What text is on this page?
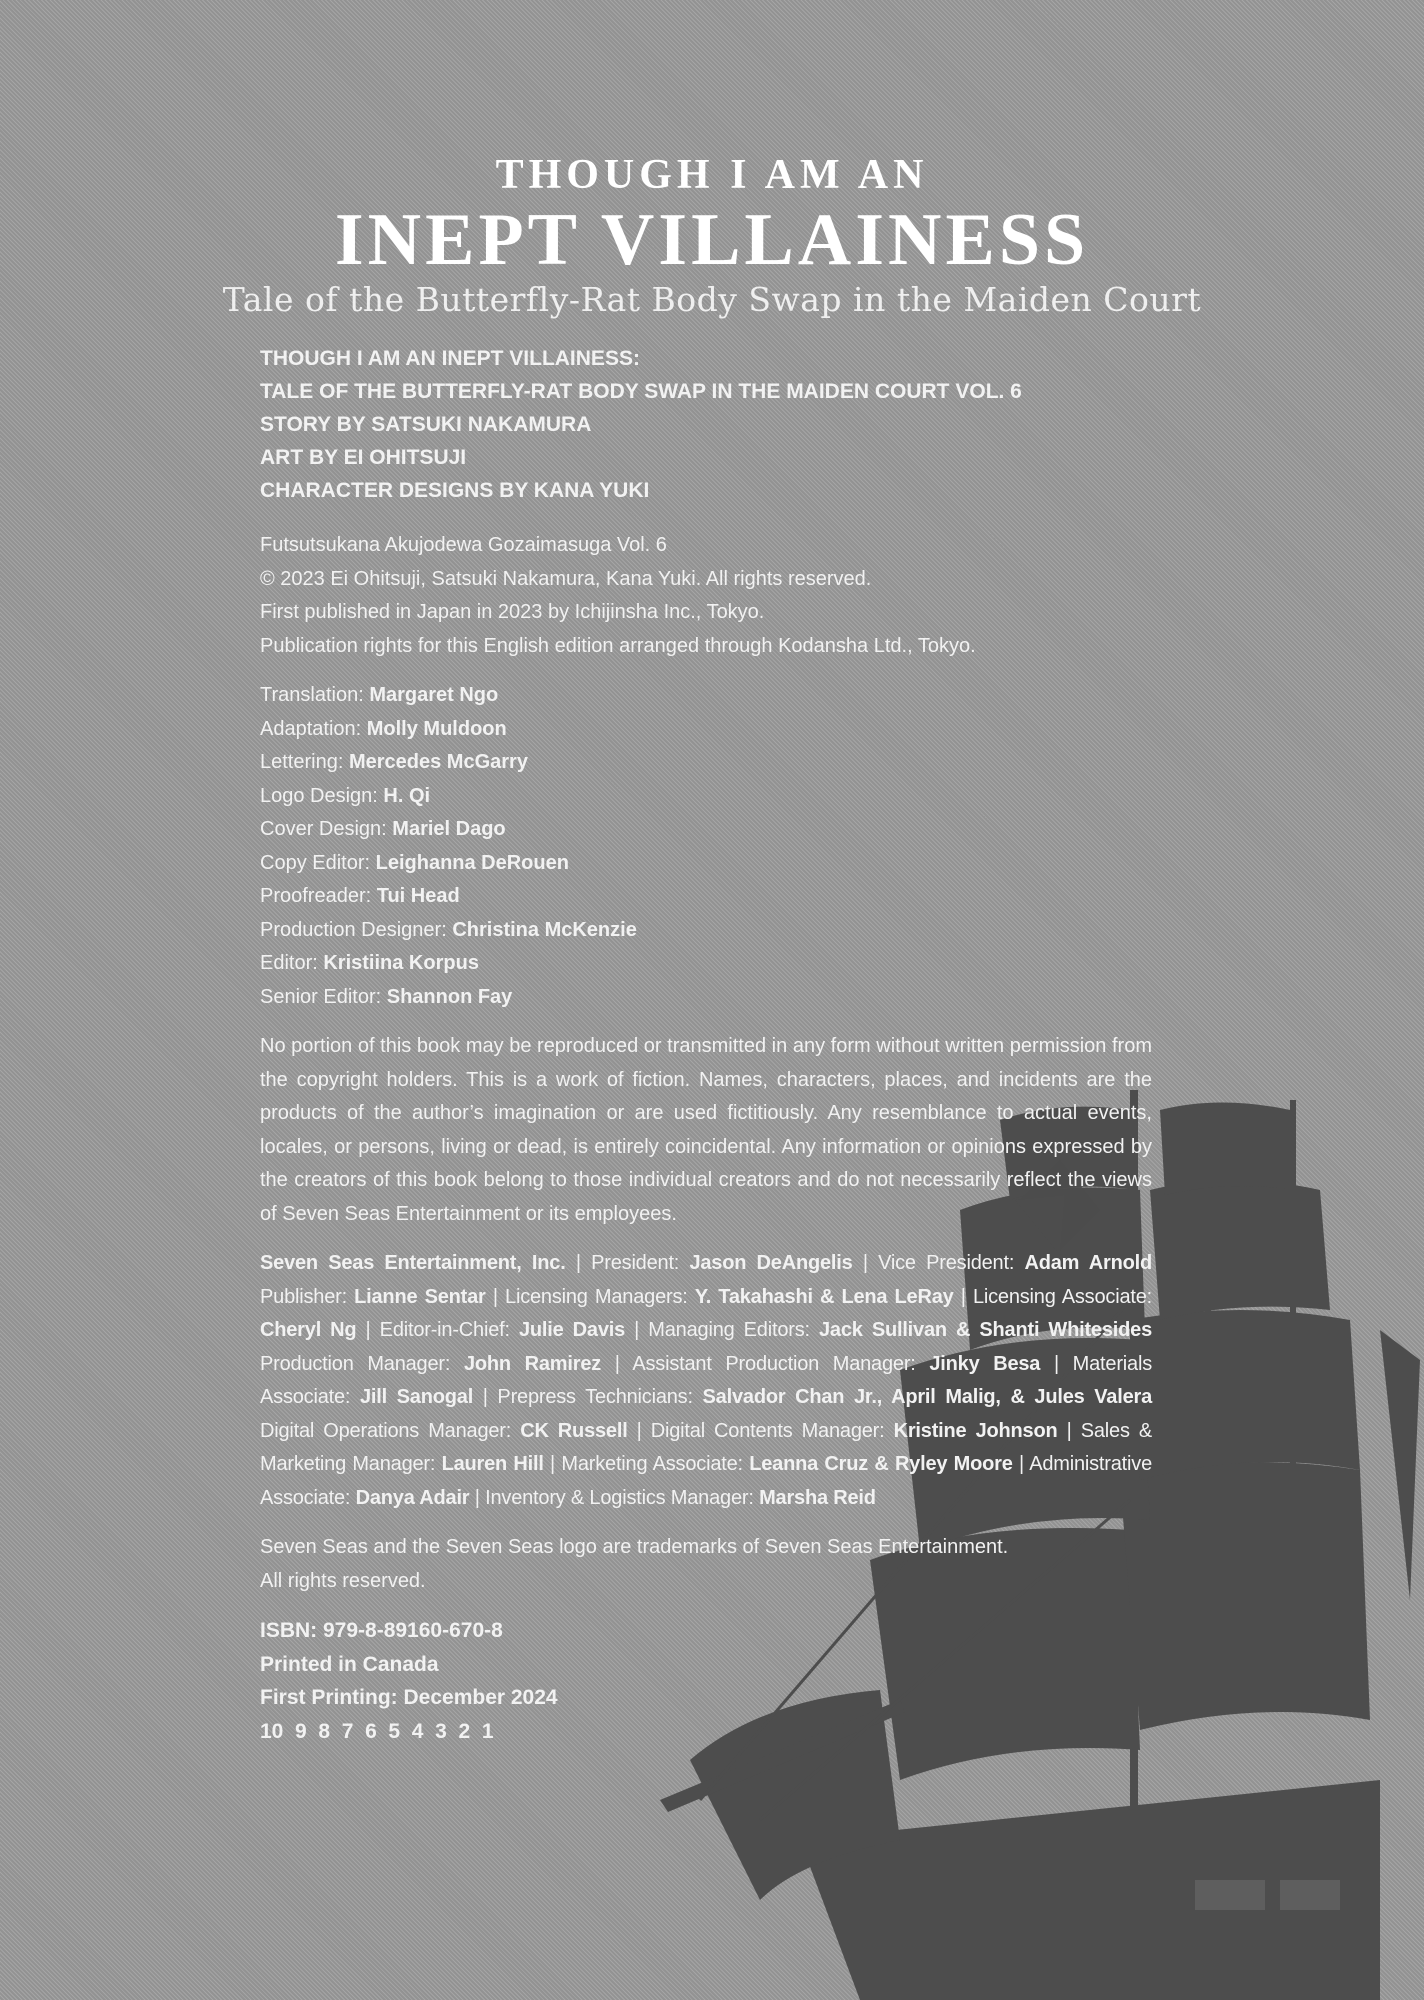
THOUGH I AM AN
INEPT VILLAINESS
Tale of the Butterfly-Rat Body Swap in the Maiden Court
THOUGH I AM AN INEPT VILLAINESS:
TALE OF THE BUTTERFLY-RAT BODY SWAP IN THE MAIDEN COURT VOL. 6
STORY BY SATSUKI NAKAMURA
ART BY EI OHITSUJI
CHARACTER DESIGNS BY KANA YUKI
Futsutsukana Akujodewa Gozaimasuga Vol. 6
© 2023 Ei Ohitsuji, Satsuki Nakamura, Kana Yuki. All rights reserved.
First published in Japan in 2023 by Ichijinsha Inc., Tokyo.
Publication rights for this English edition arranged through Kodansha Ltd., Tokyo.
Translation: Margaret Ngo
Adaptation: Molly Muldoon
Lettering: Mercedes McGarry
Logo Design: H. Qi
Cover Design: Mariel Dago
Copy Editor: Leighanna DeRouen
Proofreader: Tui Head
Production Designer: Christina McKenzie
Editor: Kristiina Korpus
Senior Editor: Shannon Fay
No portion of this book may be reproduced or transmitted in any form without written permission from the copyright holders. This is a work of fiction. Names, characters, places, and incidents are the products of the author’s imagination or are used fictitiously. Any resemblance to actual events, locales, or persons, living or dead, is entirely coincidental. Any information or opinions expressed by the creators of this book belong to those individual creators and do not necessarily reflect the views of Seven Seas Entertainment or its employees.
Seven Seas Entertainment, Inc. | President: Jason DeAngelis | Vice President: Adam Arnold Publisher: Lianne Sentar | Licensing Managers: Y. Takahashi & Lena LeRay | Licensing Associate: Cheryl Ng | Editor-in-Chief: Julie Davis | Managing Editors: Jack Sullivan & Shanti Whitesides Production Manager: John Ramirez | Assistant Production Manager: Jinky Besa | Materials Associate: Jill Sanogal | Prepress Technicians: Salvador Chan Jr., April Malig, & Jules Valera Digital Operations Manager: CK Russell | Digital Contents Manager: Kristine Johnson | Sales & Marketing Manager: Lauren Hill | Marketing Associate: Leanna Cruz & Ryley Moore | Administrative Associate: Danya Adair | Inventory & Logistics Manager: Marsha Reid
Seven Seas and the Seven Seas logo are trademarks of Seven Seas Entertainment.
All rights reserved.
ISBN: 979-8-89160-670-8
Printed in Canada
First Printing: December 2024
10  9  8  7  6  5  4  3  2  1
